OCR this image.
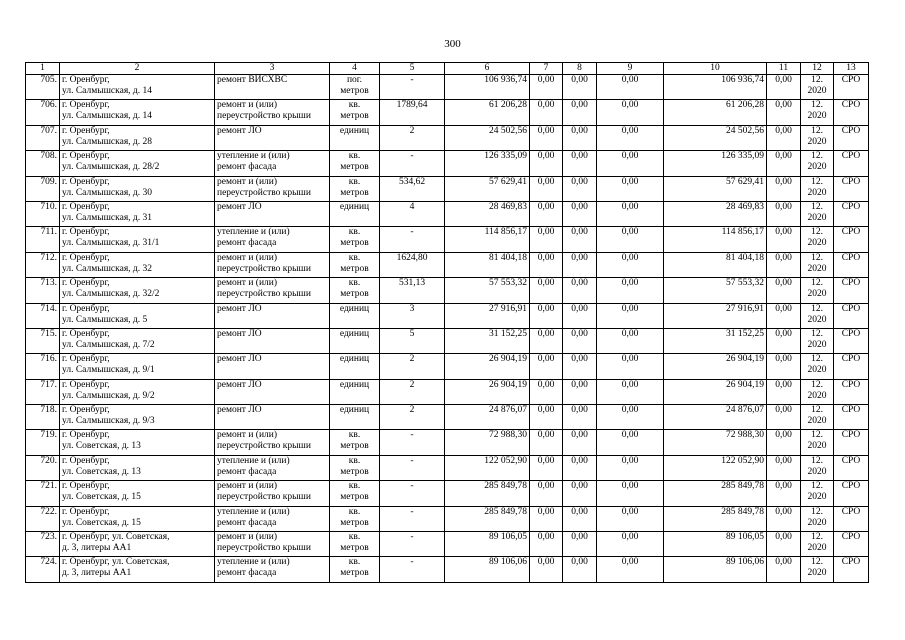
300
1	2	3	4	5	6	7	8	9	10	11	12	13
705.	г. Оренбург,
ул. Салмышская, д. 14	ремонт ВИСХВС	пог.
метров	-	106 936,74	0,00	0,00	0,00	106 936,74	0,00	12.
2020	СРО
706.	г. Оренбург,
ул. Салмышская, д. 14	ремонт и (или)
переустройство крыши	кв.
метров	1789,64	61 206,28	0,00	0,00	0,00	61 206,28	0,00	12.
2020	СРО
707.	г. Оренбург,
ул. Салмышская, д. 28	ремонт ЛО	единиц	2	24 502,56	0,00	0,00	0,00	24 502,56	0,00	12.
2020	СРО
708.	г. Оренбург,
ул. Салмышская, д. 28/2	утепление и (или)
ремонт фасада	кв.
метров	-	126 335,09	0,00	0,00	0,00	126 335,09	0,00	12.
2020	СРО
709.	г. Оренбург,
ул. Салмышская, д. 30	ремонт и (или)
переустройство крыши	кв.
метров	534,62	57 629,41	0,00	0,00	0,00	57 629,41	0,00	12.
2020	СРО
710.	г. Оренбург,
ул. Салмышская, д. 31	ремонт ЛО	единиц	4	28 469,83	0,00	0,00	0,00	28 469,83	0,00	12.
2020	СРО
711.	г. Оренбург,
ул. Салмышская, д. 31/1	утепление и (или)
ремонт фасада	кв.
метров	-	114 856,17	0,00	0,00	0,00	114 856,17	0,00	12.
2020	СРО
712.	г. Оренбург,
ул. Салмышская, д. 32	ремонт и (или)
переустройство крыши	кв.
метров	1624,80	81 404,18	0,00	0,00	0,00	81 404,18	0,00	12.
2020	СРО
713.	г. Оренбург,
ул. Салмышская, д. 32/2	ремонт и (или)
переустройство крыши	кв.
метров	531,13	57 553,32	0,00	0,00	0,00	57 553,32	0,00	12.
2020	СРО
714.	г. Оренбург,
ул. Салмышская, д. 5	ремонт ЛО	единиц	3	27 916,91	0,00	0,00	0,00	27 916,91	0,00	12.
2020	СРО
715.	г. Оренбург,
ул. Салмышская, д. 7/2	ремонт ЛО	единиц	5	31 152,25	0,00	0,00	0,00	31 152,25	0,00	12.
2020	СРО
716.	г. Оренбург,
ул. Салмышская, д. 9/1	ремонт ЛО	единиц	2	26 904,19	0,00	0,00	0,00	26 904,19	0,00	12.
2020	СРО
717.	г. Оренбург,
ул. Салмышская, д. 9/2	ремонт ЛО	единиц	2	26 904,19	0,00	0,00	0,00	26 904,19	0,00	12.
2020	СРО
718.	г. Оренбург,
ул. Салмышская, д. 9/3	ремонт ЛО	единиц	2	24 876,07	0,00	0,00	0,00	24 876,07	0,00	12.
2020	СРО
719.	г. Оренбург,
ул. Советская, д. 13	ремонт и (или)
переустройство крыши	кв.
метров	-	72 988,30	0,00	0,00	0,00	72 988,30	0,00	12.
2020	СРО
720.	г. Оренбург,
ул. Советская, д. 13	утепление и (или)
ремонт фасада	кв.
метров	-	122 052,90	0,00	0,00	0,00	122 052,90	0,00	12.
2020	СРО
721.	г. Оренбург,
ул. Советская, д. 15	ремонт и (или)
переустройство крыши	кв.
метров	-	285 849,78	0,00	0,00	0,00	285 849,78	0,00	12.
2020	СРО
722.	г. Оренбург,
ул. Советская, д. 15	утепление и (или)
ремонт фасада	кв.
метров	-	285 849,78	0,00	0,00	0,00	285 849,78	0,00	12.
2020	СРО
723.	г. Оренбург, ул. Советская,
д. 3, литеры АА1	ремонт и (или)
переустройство крыши	кв.
метров	-	89 106,05	0,00	0,00	0,00	89 106,05	0,00	12.
2020	СРО
724.	г. Оренбург, ул. Советская,
д. 3, литеры АА1	утепление и (или)
ремонт фасада	кв.
метров	-	89 106,06	0,00	0,00	0,00	89 106,06	0,00	12.
2020	СРО
